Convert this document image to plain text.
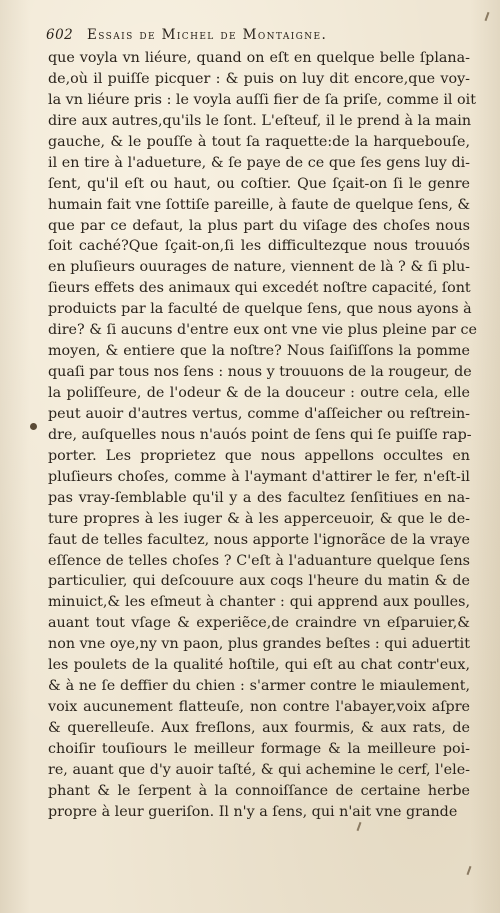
602 Essais de Michel de Montaigne.
que voyla vn liéure, quand on eſt en quelque belle ſplana-
de,où il puiſſe picquer : & puis on luy dit encore,que voy-
la vn liéure pris : le voyla auſſi fier de ſa priſe, comme il oit
dire aux autres,qu'ils le ſont. L'eſteuf, il le prend à la main
gauche, & le pouſſe à tout ſa raquette:de la harquebouſe,
il en tire à l'adueture, & ſe paye de ce que ſes gens luy di-
ſent, qu'il eſt ou haut, ou coſtier. Que ſçait-on ſi le genre
humain fait vne ſottiſe pareille, à faute de quelque ſens, &
que par ce defaut, la plus part du viſage des choſes nous
ſoit caché?Que ſçait-on,ſi les difficultezque nous trouuós
en pluſieurs ouurages de nature, viennent de là ? & ſi plu-
ſieurs effets des animaux qui excedét noſtre capacité, ſont
produicts par la faculté de quelque ſens, que nous ayons à
dire? & ſi aucuns d'entre eux ont vne vie plus pleine par ce
moyen, & entiere que la noſtre? Nous ſaiſiſſons la pomme
quaſi par tous nos ſens : nous y trouuons de la rougeur, de
la poliſſeure, de l'odeur & de la douceur : outre cela, elle
peut auoir d'autres vertus, comme d'aſſeicher ou reſtrein-
dre, auſquelles nous n'auós point de ſens qui ſe puiſſe rap-
porter. Les proprietez que nous appellons occultes en
pluſieurs choſes, comme à l'aymant d'attirer le fer, n'eſt-il
pas vray-ſemblable qu'il y a des facultez ſenſitiues en na-
ture propres à les iuger & à les apperceuoir, & que le de-
faut de telles facultez, nous apporte l'ignorãce de la vraye
eſſence de telles choſes ? C'eſt à l'aduanture quelque ſens
particulier, qui deſcouure aux coqs l'heure du matin & de
minuict,& les eſmeut à chanter : qui apprend aux poulles,
auant tout vſage & experiẽce,de craindre vn eſparuier,&
non vne oye,ny vn paon, plus grandes beſtes : qui aduertit
les poulets de la qualité hoſtile, qui eſt au chat contr'eux,
& à ne ſe deffier du chien : s'armer contre le miaulement,
voix aucunement flatteuſe, non contre l'abayer,voix aſpre
& querelleuſe. Aux freſlons, aux fourmis, & aux rats, de
choiſir touſiours le meilleur formage & la meilleure poi-
re, auant que d'y auoir taſté, & qui achemine le cerf, l'ele-
phant & le ſerpent à la connoiſſance de certaine herbe
propre à leur gueriſon. Il n'y a ſens, qui n'ait vne grande
